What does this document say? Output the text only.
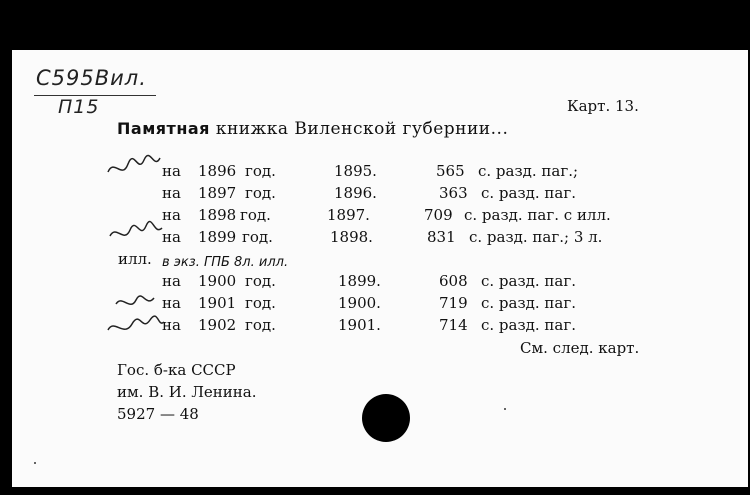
C595Вил.
П15	Карт. 13.
Памятная книжка Виленской губернии...
на 1896 год.	1895.	565 с. разд. паг.;
на 1897 год.	1896.	363 с. разд. паг.
на 1898 год.	1897.	709 с. разд. паг. с илл.
на 1899 год.	1898.	831 с. разд. паг.; 3 л.
илл. в экз. ГПБ 8л. илл.
на 1900 год.	1899.	608 с. разд. паг.
на 1901 год.	1900.	719 с. разд. паг.
на 1902 год.	1901.	714 с. разд. паг.
См. след. карт.
Гос. б-ка СССР
им. В. И. Ленина.
5927 — 48
